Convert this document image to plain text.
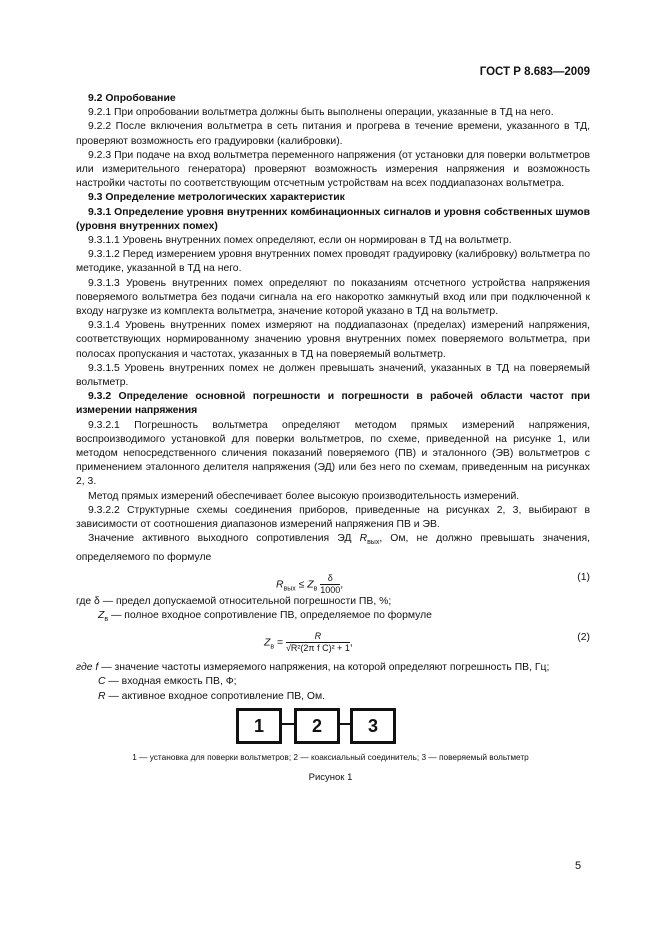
ГОСТ Р 8.683—2009

9.2 Опробование

9.2.1 При опробовании вольтметра должны быть выполнены операции, указанные в ТД на него.

9.2.2 После включения вольтметра в сеть питания и прогрева в течение времени, указанного в ТД, проверяют возможность его градуировки (калибровки).

9.2.3 При подаче на вход вольтметра переменного напряжения (от установки для поверки вольтметров или измерительного генератора) проверяют возможность измерения напряжения и возможность настройки частоты по соответствующим отсчетным устройствам на всех поддиапазонах вольтметра.

9.3 Определение метрологических характеристик

9.3.1 Определение уровня внутренних комбинационных сигналов и уровня собственных шумов (уровня внутренних помех)

9.3.1.1 Уровень внутренних помех определяют, если он нормирован в ТД на вольтметр.

9.3.1.2 Перед измерением уровня внутренних помех проводят градуировку (калибровку) вольтметра по методике, указанной в ТД на него.

9.3.1.3 Уровень внутренних помех определяют по показаниям отсчетного устройства напряжения поверяемого вольтметра без подачи сигнала на его накоротко замкнутый вход или при подключенной к входу нагрузке из комплекта вольтметра, значение которой указано в ТД на вольтметр.

9.3.1.4 Уровень внутренних помех измеряют на поддиапазонах (пределах) измерений напряжения, соответствующих нормированному значению уровня внутренних помех поверяемого вольтметра, при полосах пропускания и частотах, указанных в ТД на поверяемый вольтметр.

9.3.1.5 Уровень внутренних помех не должен превышать значений, указанных в ТД на поверяемый вольтметр.

9.3.2 Определение основной погрешности и погрешности в рабочей области частот при измерении напряжения

9.3.2.1 Погрешность вольтметра определяют методом прямых измерений напряжения, воспроизводимого установкой для поверки вольтметров, по схеме, приведенной на рисунке 1, или методом непосредственного сличения показаний поверяемого (ПВ) и эталонного (ЭВ) вольтметров с применением эталонного делителя напряжения (ЭД) или без него по схемам, приведенным на рисунках 2, 3.

Метод прямых измерений обеспечивает более высокую производительность измерений.

9.3.2.2 Структурные схемы соединения приборов, приведенные на рисунках 2, 3, выбирают в зависимости от соотношения диапазонов измерений напряжения ПВ и ЭВ.

Значение активного выходного сопротивления ЭД $R_{вых}$, Ом, не должно превышать значения, определяемого по формуле

$R_{вых} \le Z_в \frac{\delta}{1000}$ ,
(1)

где δ — предел допускаемой относительной погрешности ПВ, %;

$Z_в$ — полное входное сопротивление ПВ, определяемое по формуле

$Z_в = \frac{R}{\text{√R²(2π f C)² + 1}}$ ,	(2)

где f — значение частоты измеряемого напряжения, на которой определяют погрешность ПВ, Гц;

C — входная емкость ПВ, Ф;

R — активное входное сопротивление ПВ, Ом.

1	2	3
1 — установка для поверки вольтметров; 2 — коаксиальный соединитель; 3 — поверяемый вольтметр
Рисунок 1
5
